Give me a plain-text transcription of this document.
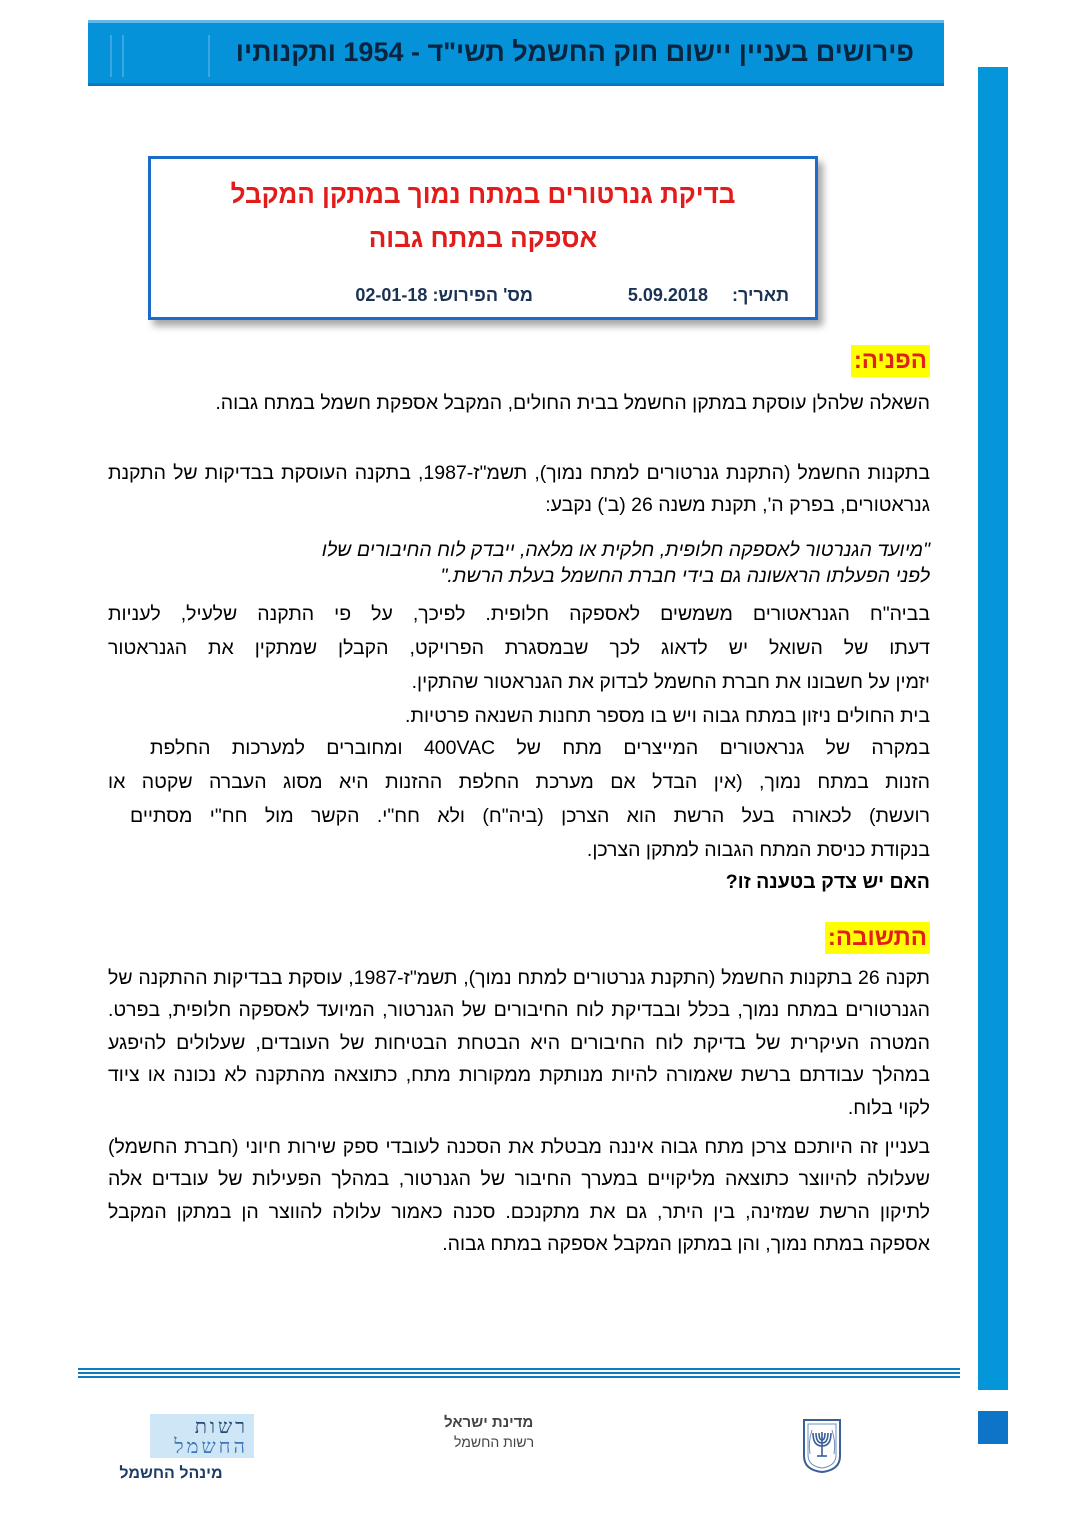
פירושים בעניין יישום חוק החשמל תשי"ד - 1954 ותקנותיו
בדיקת גנרטורים במתח נמוך במתקן המקבל
אספקה במתח גבוה
תאריך:  5.09.2018
מס' הפירוש: 02-01-18
הפניה:

השאלה שלהלן עוסקת במתקן החשמל בבית החולים, המקבל אספקת חשמל במתח גבוה.

בתקנות החשמל (התקנת גנרטורים למתח נמוך), תשמ"ז-1987, בתקנה העוסקת בבדיקות של התקנת גנראטורים, בפרק ה', תקנת משנה 26 (ב') נקבע:

"מיועד הגנרטור לאספקה חלופית, חלקית או מלאה, ייבדק לוח החיבורים שלו
לפני הפעלתו הראשונה גם בידי חברת החשמל בעלת הרשת."

בביה"ח הגנראטורים משמשים לאספקה חלופית. לפיכך, על פי התקנה שלעיל, לעניות

דעתו של השואל יש לדאוג לכך שבמסגרת הפרויקט, הקבלן שמתקין את הגנראטור

יזמין על חשבונו את חברת החשמל לבדוק את הגנראטור שהתקין.

בית החולים ניזון במתח גבוה ויש בו מספר תחנות השנאה פרטיות.

במקרה של גנראטורים המייצרים מתח של 400VAC ומחוברים למערכות החלפת

הזנות במתח נמוך, (אין הבדל אם מערכת החלפת ההזנות היא מסוג העברה שקטה או

רועשת) לכאורה בעל הרשת הוא הצרכן (ביה"ח) ולא חח"י. הקשר מול חח"י מסתיים

בנקודת כניסת המתח הגבוה למתקן הצרכן.

האם יש צדק בטענה זו?

התשובה:

תקנה 26 בתקנות החשמל (התקנת גנרטורים למתח נמוך), תשמ"ז-1987, עוסקת בבדיקות ההתקנה של הגנרטורים במתח נמוך, בכלל ובבדיקת לוח החיבורים של הגנרטור, המיועד לאספקה חלופית, בפרט. המטרה העיקרית של בדיקת לוח החיבורים היא הבטחת הבטיחות של העובדים, שעלולים להיפגע במהלך עבודתם ברשת שאמורה להיות מנותקת ממקורות מתח, כתוצאה מהתקנה לא נכונה או ציוד לקוי בלוח.

בעניין זה היותכם צרכן מתח גבוה איננה מבטלת את הסכנה לעובדי ספק שירות חיוני (חברת החשמל) שעלולה להיווצר כתוצאה מליקויים במערך החיבור של הגנרטור, במהלך הפעילות של עובדים אלה לתיקון הרשת שמזינה, בין היתר, גם את מתקנכם. סכנה כאמור עלולה להווצר הן במתקן המקבל אספקה במתח נמוך, והן במתקן המקבל אספקה במתח גבוה.

רשות
החשמל
מינהל החשמל
מדינת ישראל
רשות החשמל
